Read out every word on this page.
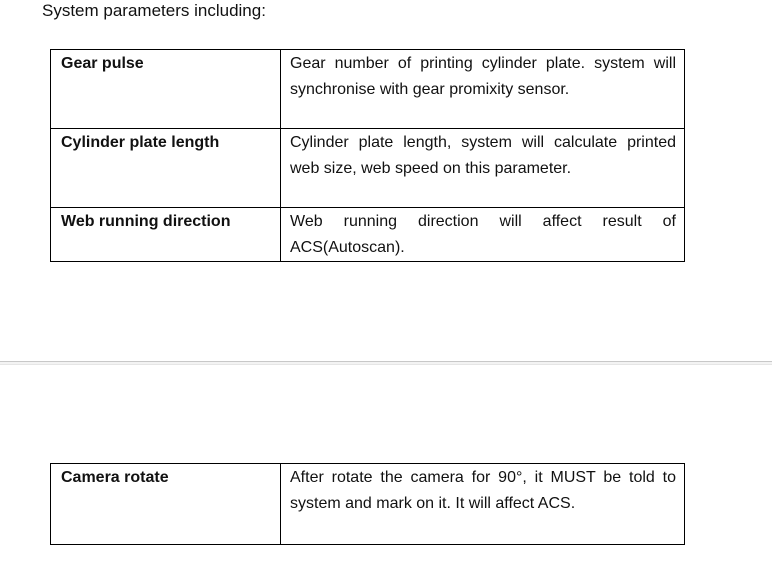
System parameters including:
Gear pulse	Gear number of printing cylinder plate. system will synchronise with gear promixity sensor.
Cylinder plate length	Cylinder plate length, system will calculate printed web size, web speed on this parameter.
Web running direction	Web running direction will affect result of ACS(Autoscan).
Camera rotate	After rotate the camera for 90°, it MUST be told to system and mark on it. It will affect ACS.
